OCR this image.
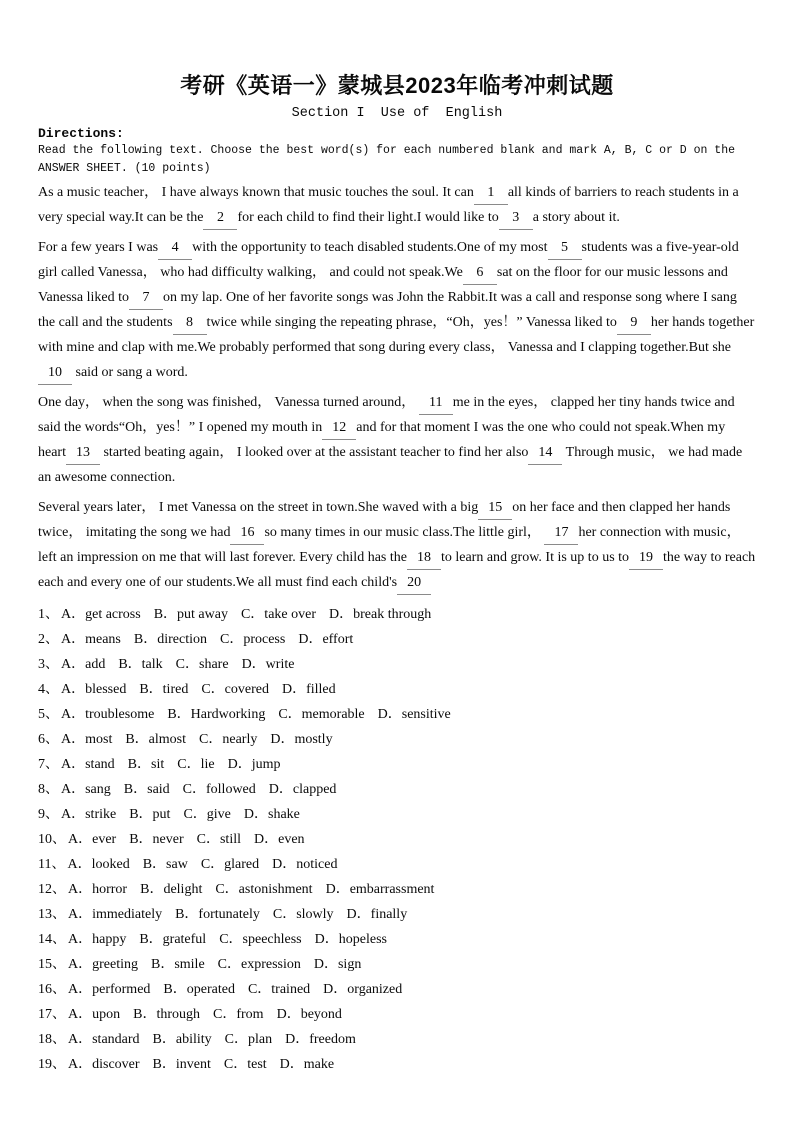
考研《英语一》蒙城县2023年临考冲刺试题
Section I  Use of  English

Directions:

Read the following text. Choose the best word(s) for each numbered blank and mark A, B, C or D on the ANSWER SHEET. (10 points)

As a music teacher， I have always known that music touches the soul. It can 1 all kinds of barriers to reach students in a very special way.It can be the 2 for each child to find their light.I would like to 3 a story about it.

For a few years I was 4 with the opportunity to teach disabled students.One of my most 5 students was a five-year-old girl called Vanessa， who had difficulty walking， and could not speak.We 6 sat on the floor for our music lessons and Vanessa liked to 7 on my lap. One of her favorite songs was John the Rabbit.It was a call and response song where I sang the call and the students 8 twice while singing the repeating phrase，“Oh，yes！” Vanessa liked to 9 her hands together with mine and clap with me.We probably performed that song during every class， Vanessa and I clapping together.But she10 said or sang a word.

One day， when the song was finished， Vanessa turned around， 11 me in the eyes， clapped her tiny hands twice and said the words“Oh，yes！” I opened my mouth in 12 and for that moment I was the one who could not speak.When my heart 13 started beating again， I looked over at the assistant teacher to find her also 14 Through music， we had made an awesome connection.

Several years later， I met Vanessa on the street in town.She waved with a big 15 on her face and then clapped her hands twice， imitating the song we had 16 so many times in our music class.The little girl， 17 her connection with music， left an impression on me that will last forever. Every child has the 18 to learn and grow. It is up to us to 19 the way to reach each and every one of our students.We all must find each child's 20

1、 A．get across B．put away C．take over D．break through
2、 A．means B．direction C．process D．effort
3、 A．add B．talk C．share D．write
4、 A．blessed B．tired C．covered D．filled
5、 A．troublesome B．Hardworking C．memorable D．sensitive
6、 A．most B．almost C．nearly D．mostly
7、 A．stand B．sit C．lie D．jump
8、 A．sang B．said C．followed D．clapped
9、 A．strike B．put C．give D．shake
10、 A．ever B．never C．still D．even
11、 A．looked B．saw C．glared D．noticed
12、 A．horror B．delight C．astonishment D．embarrassment
13、 A．immediately B．fortunately C．slowly D．finally
14、 A．happy B．grateful C．speechless D．hopeless
15、 A．greeting B．smile C．expression D．sign
16、 A．performed B．operated C．trained D．organized
17、 A．upon B．through C．from D．beyond
18、 A．standard B．ability C．plan D．freedom
19、 A．discover B．invent C．test D．make
